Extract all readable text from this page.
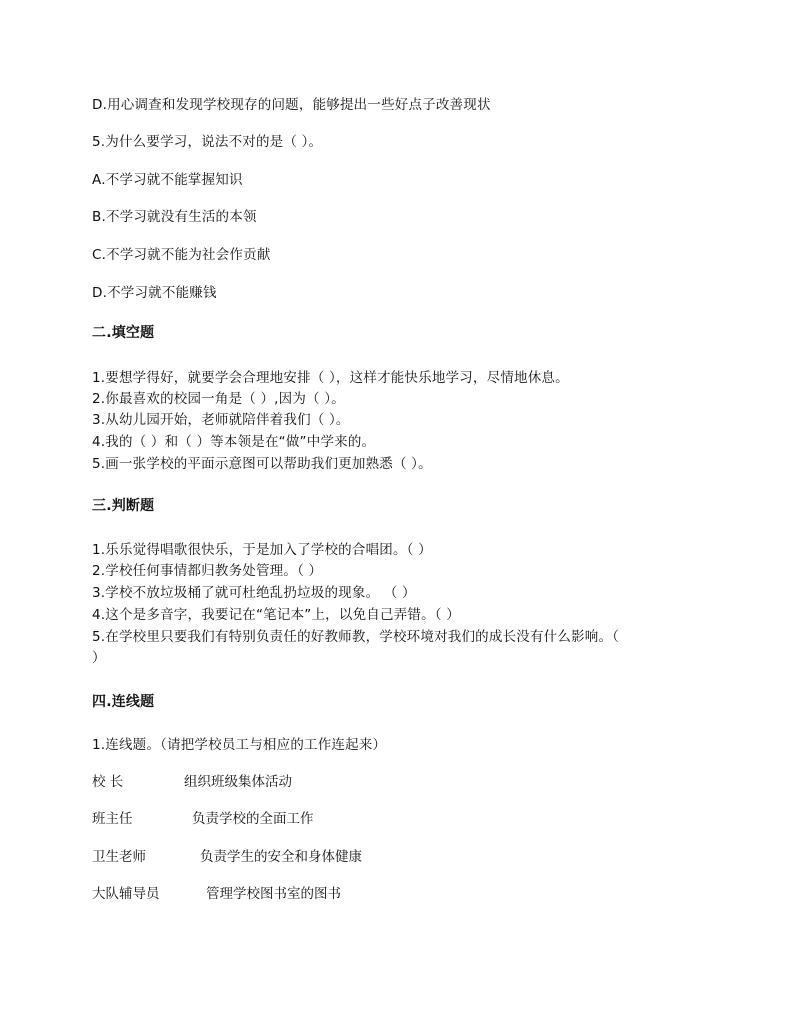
D.用心调查和发现学校现存的问题，能够提出一些好点子改善现状
5.为什么要学习，说法不对的是（ ）。
A.不学习就不能掌握知识
B.不学习就没有生活的本领
C.不学习就不能为社会作贡献
D.不学习就不能赚钱
二.填空题
1.要想学得好，就要学会合理地安排（ ），这样才能快乐地学习，尽情地休息。
2.你最喜欢的校园一角是（ ）,因为（ ）。
3.从幼儿园开始，老师就陪伴着我们（ ）。
4.我的（ ）和（ ）等本领是在“做”中学来的。
5.画一张学校的平面示意图可以帮助我们更加熟悉（ ）。
三.判断题
1.乐乐觉得唱歌很快乐，于是加入了学校的合唱团。（ ）
2.学校任何事情都归教务处管理。（ ）
3.学校不放垃圾桶了就可杜绝乱扔垃圾的现象。 （ ）
4.这个是多音字，我要记在“笔记本”上，以免自己弄错。（ ）
5.在学校里只要我们有特别负责任的好教师教，学校环境对我们的成长没有什么影响。（
）
四.连线题
1.连线题。（请把学校员工与相应的工作连起来）
校 长	组织班级集体活动
班主任	负责学校的全面工作
卫生老师	负责学生的安全和身体健康
大队辅导员	管理学校图书室的图书
